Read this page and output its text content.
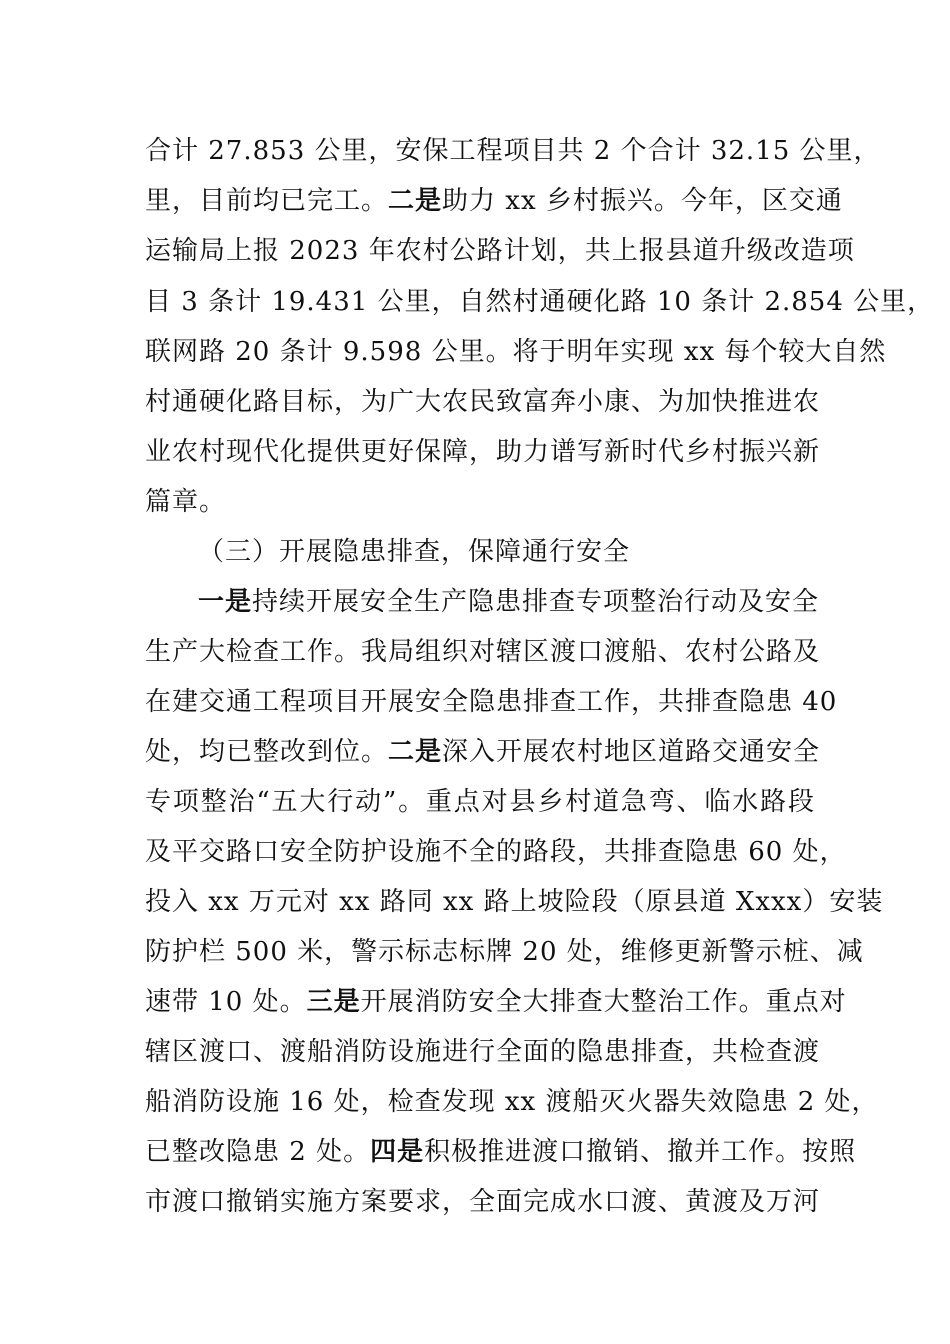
合计 27.853 公里，安保工程项目共 2 个合计 32.15 公里，
里，目前均已完工。二是助力 xx 乡村振兴。今年，区交通
运输局上报 2023 年农村公路计划，共上报县道升级改造项
目 3 条计 19.431 公里，自然村通硬化路 10 条计 2.854 公里，
联网路 20 条计 9.598 公里。将于明年实现 xx 每个较大自然
村通硬化路目标，为广大农民致富奔小康、为加快推进农
业农村现代化提供更好保障，助力谱写新时代乡村振兴新
篇章。
（三）开展隐患排查，保障通行安全
一是持续开展安全生产隐患排查专项整治行动及安全
生产大检查工作。我局组织对辖区渡口渡船、农村公路及
在建交通工程项目开展安全隐患排查工作，共排查隐患 40
处，均已整改到位。二是深入开展农村地区道路交通安全
专项整治“五大行动”。重点对县乡村道急弯、临水路段
及平交路口安全防护设施不全的路段，共排查隐患 60 处，
投入 xx 万元对 xx 路同 xx 路上坡险段（原县道 Xxxx）安装
防护栏 500 米，警示标志标牌 20 处，维修更新警示桩、减
速带 10 处。三是开展消防安全大排查大整治工作。重点对
辖区渡口、渡船消防设施进行全面的隐患排查，共检查渡
船消防设施 16 处，检查发现 xx 渡船灭火器失效隐患 2 处，
已整改隐患 2 处。四是积极推进渡口撤销、撤并工作。按照
市渡口撤销实施方案要求，全面完成水口渡、黄渡及万河
